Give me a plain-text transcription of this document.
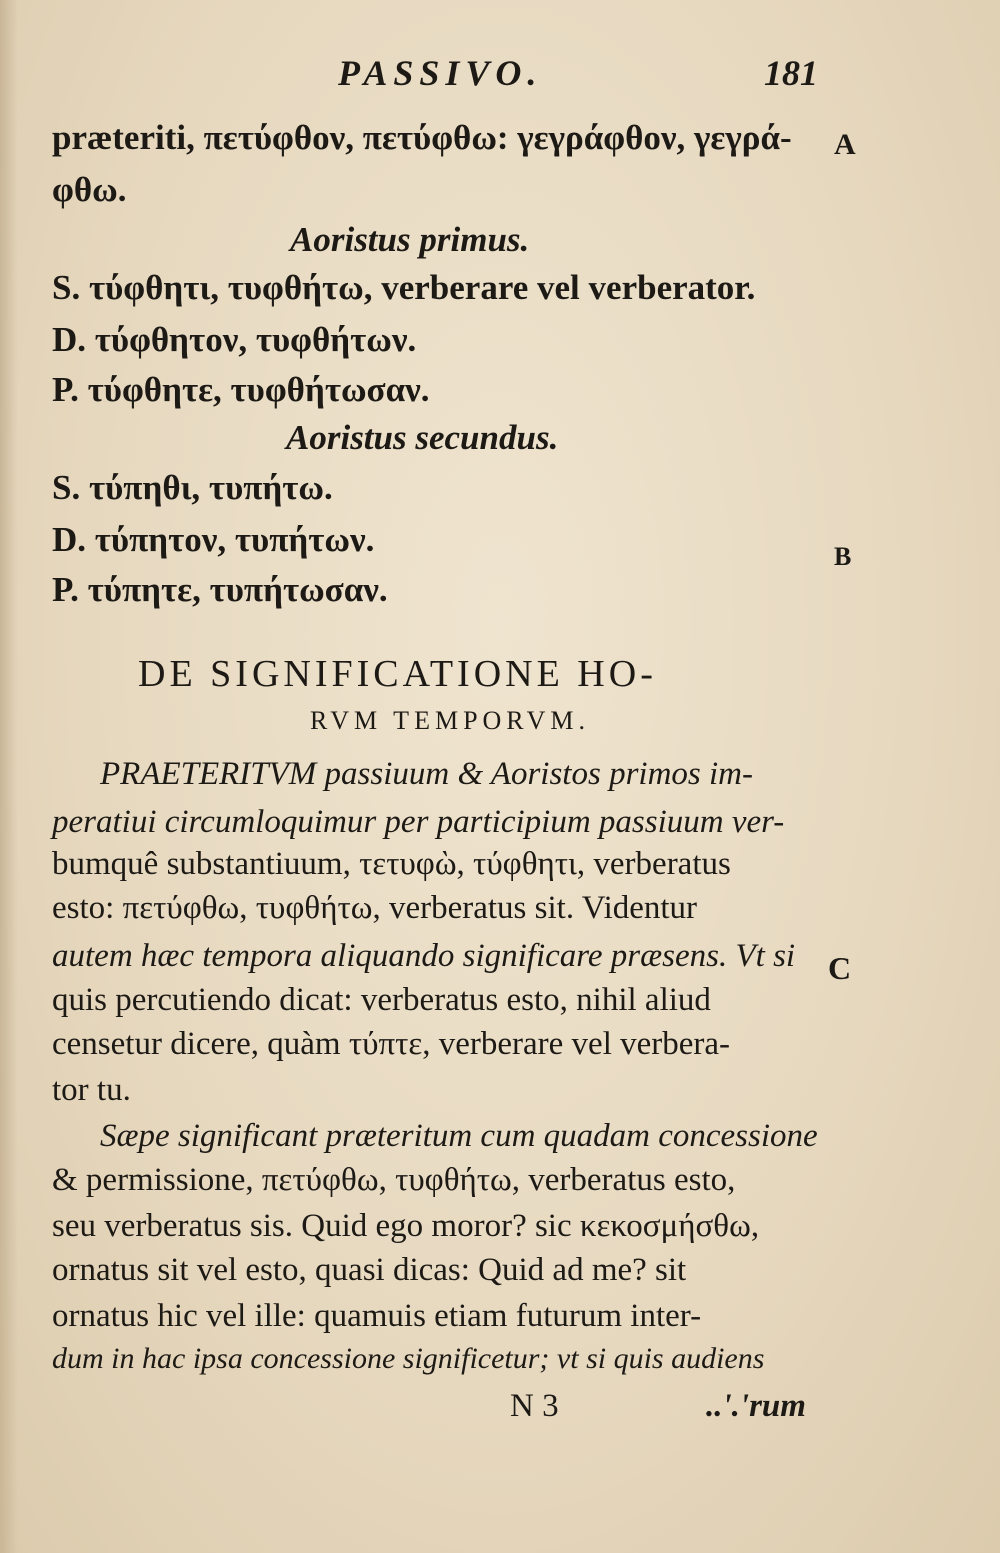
PASSIVO.	181
A
B
C
præteriti, πετύφθον, πετύφθω: γεγράφθον, γεγρά-
φθω.
Aoristus primus.
S. τύφθητι, τυφθήτω, verberare vel verberator.
D. τύφθητον, τυφθήτων.
P. τύφθητε, τυφθήτωσαν.
Aoristus secundus.
S. τύπηθι, τυπήτω.
D. τύπητον, τυπήτων.
P. τύπητε, τυπήτωσαν.
DE SIGNIFICATIONE HO-
RVM TEMPORVM.
PRAETERITVM passiuum & Aoristos primos im-
peratiui circumloquimur per participium passiuum ver-
bumquê substantiuum, τετυφὼ, τύφθητι, verberatus
esto: πετύφθω, τυφθήτω, verberatus sit. Videntur
autem hæc tempora aliquando significare præsens. Vt si
quis percutiendo dicat: verberatus esto, nihil aliud
censetur dicere, quàm τύπτε, verberare vel verbera-
tor tu.
Sæpe significant præteritum cum quadam concessione
& permissione, πετύφθω, τυφθήτω, verberatus esto,
seu verberatus sis. Quid ego moror? sic κεκοσμήσθω,
ornatus sit vel esto, quasi dicas: Quid ad me? sit
ornatus hic vel ille: quamuis etiam futurum inter-
dum in hac ipsa concessione significetur; vt si quis audiens
N 3	..'.'rum
